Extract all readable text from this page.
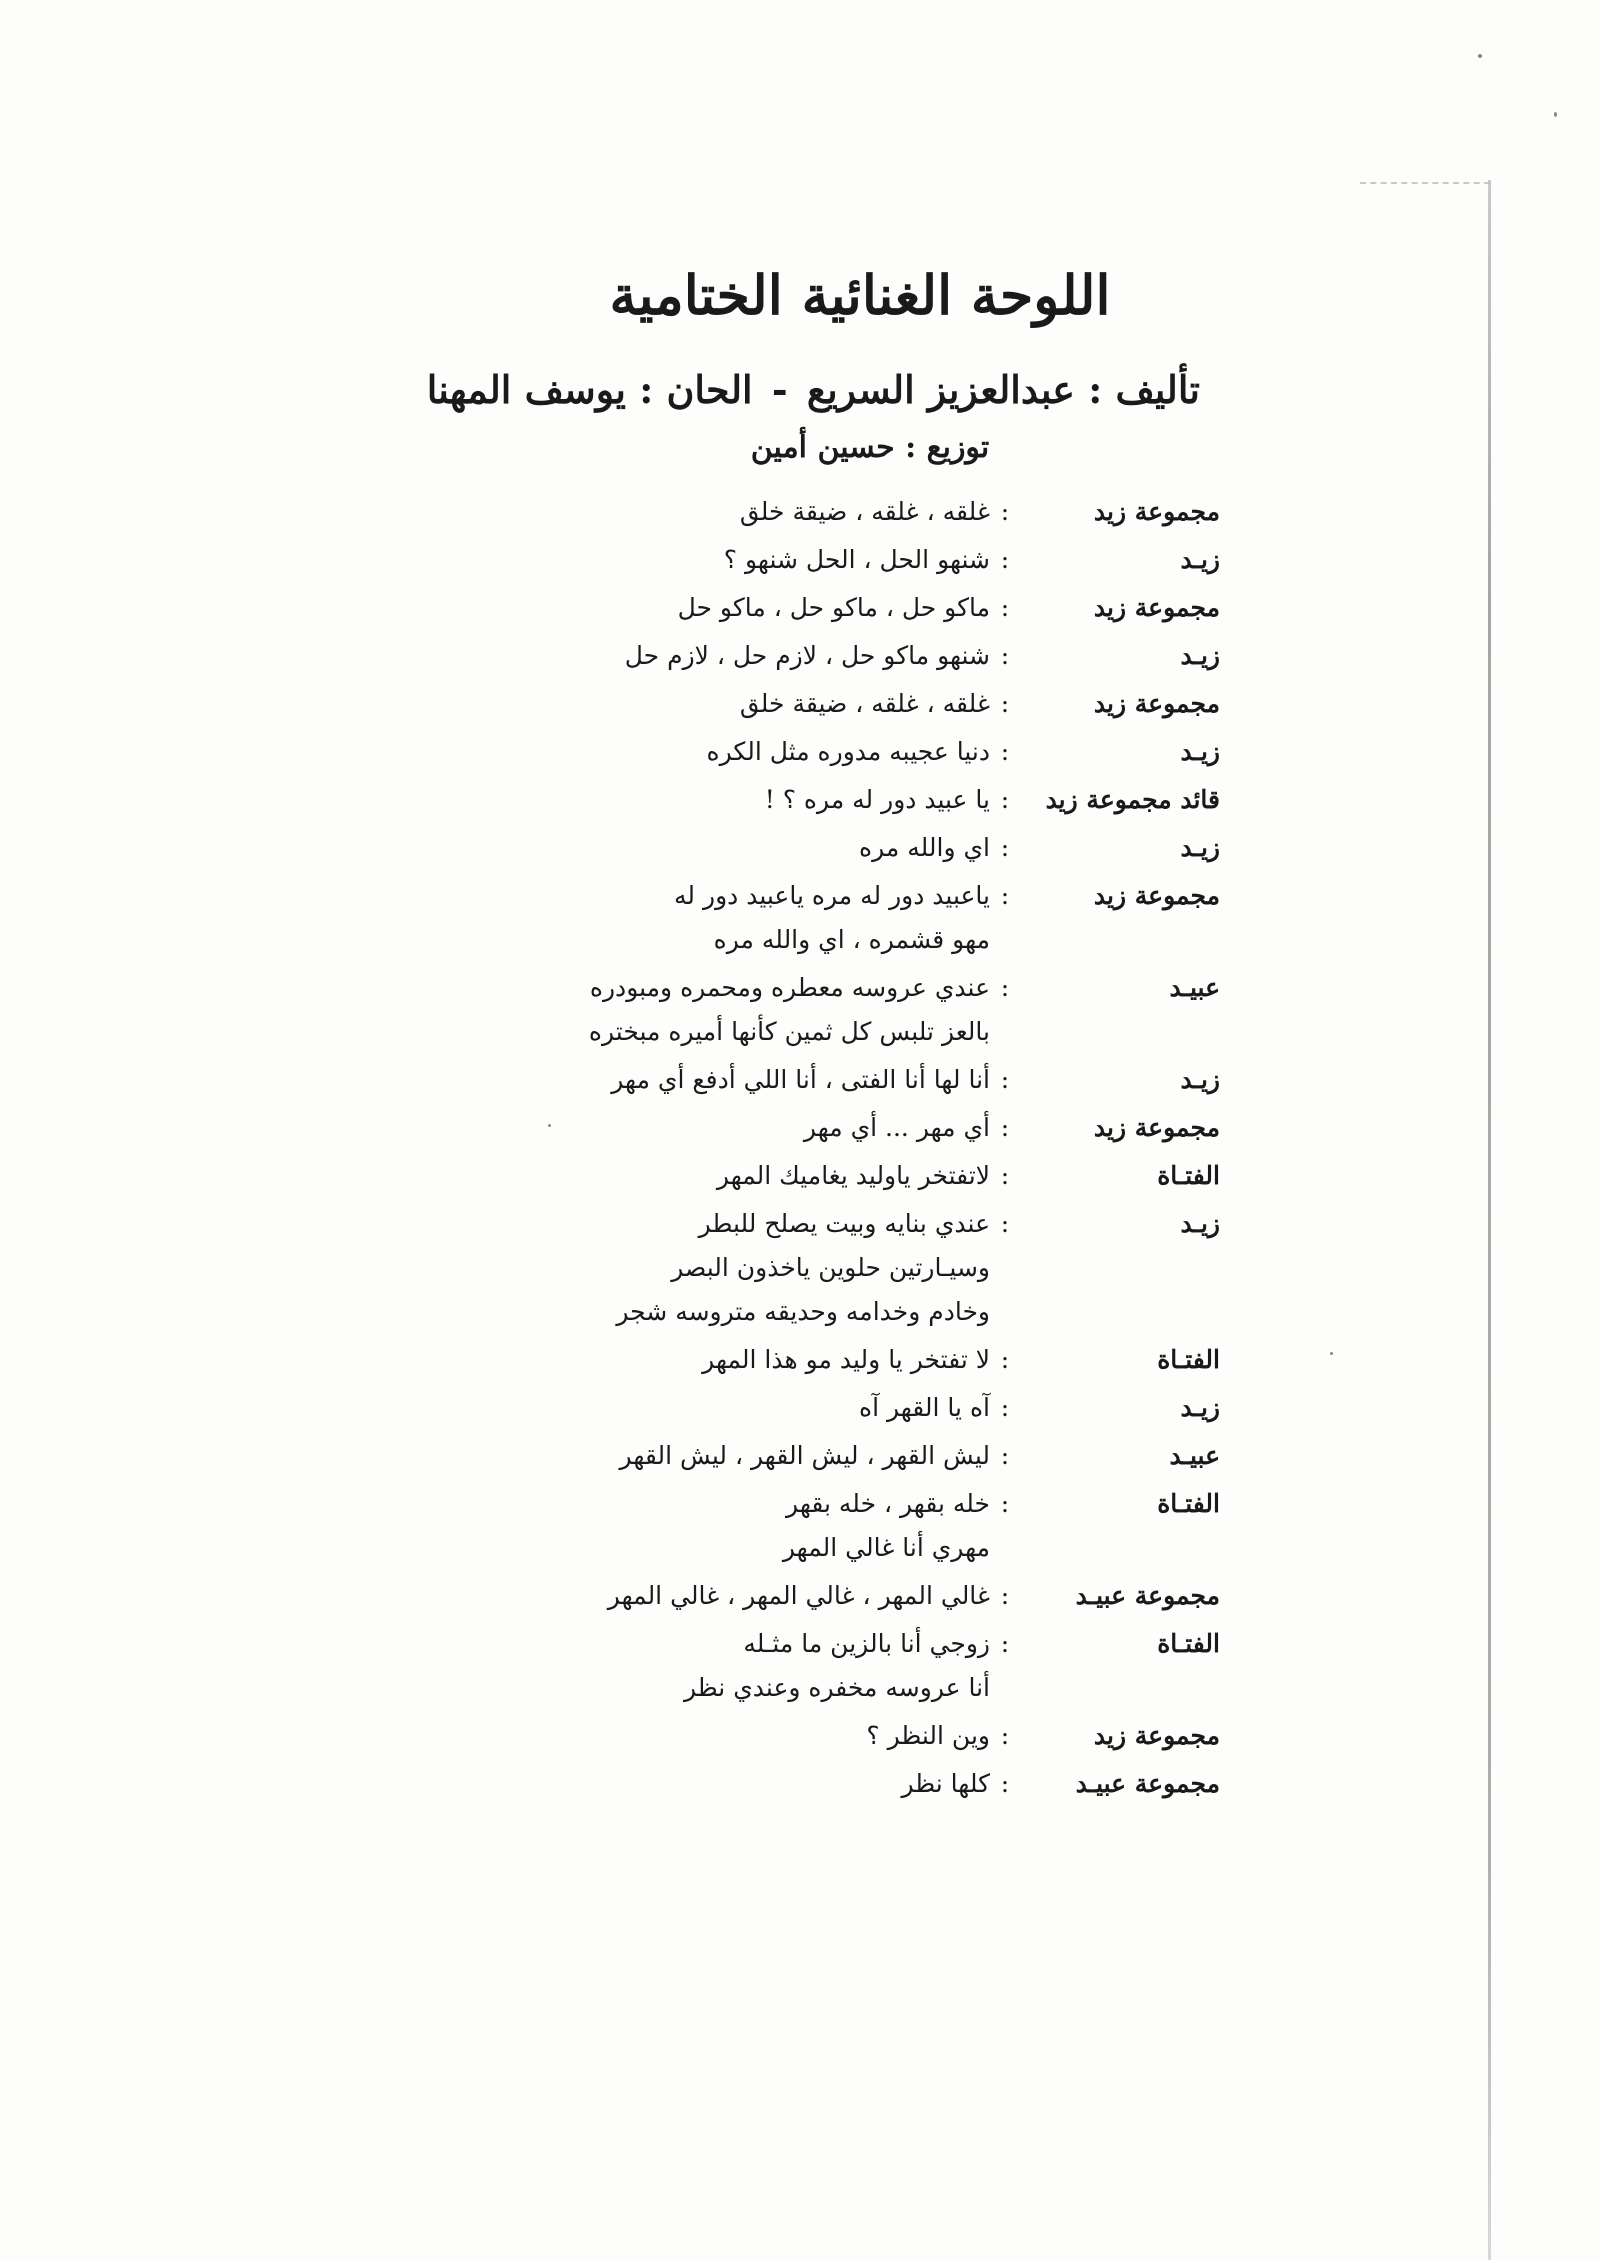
اللوحة الغنائية الختامية
تأليف : عبدالعزيز السريع - الحان : يوسف المهنا
توزيع : حسين أمين
مجموعة زيد
:
غلقه ، غلقه ، ضيقة خلق
زيـد
:
شنهو الحل ، الحل شنهو ؟
مجموعة زيد
:
ماكو حل ، ماكو حل ، ماكو حل
زيـد
:
شنهو ماكو حل ، لازم حل ، لازم حل
مجموعة زيد
:
غلقه ، غلقه ، ضيقة خلق
زيـد
:
دنيا عجيبه مدوره مثل الكره
قائد مجموعة زيد
:
يا عبيد دور له مره ؟ !
زيـد
:
اي والله مره
مجموعة زيد
:
ياعبيد دور له مره ياعبيد دور له
مهو قشمره ، اي والله مره
عبيـد
:
عندي عروسه معطره ومحمره ومبودره
بالعز تلبس كل ثمين كأنها أميره مبختره
زيـد
:
أنا لها أنا الفتى ، أنا اللي أدفع أي مهر
مجموعة زيد
:
أي مهر ... أي مهر
الفتـاة
:
لاتفتخر ياوليد يغاميك المهر
زيـد
:
عندي بنايه وبيت يصلح للبطر
وسيـارتين حلوين ياخذون البصر
وخادم وخدامه وحديقه متروسه شجر
الفتـاة
:
لا تفتخر يا وليد مو هذا المهر
زيـد
:
آه يا القهر آه
عبيـد
:
ليش القهر ، ليش القهر ، ليش القهر
الفتـاة
:
خله بقهر ، خله بقهر
مهري أنا غالي المهر
مجموعة عبيـد
:
غالي المهر ، غالي المهر ، غالي المهر
الفتـاة
:
زوجي أنا بالزين ما مثـله
أنا عروسه مخفره وعندي نظر
مجموعة زيد
:
وين النظر ؟
مجموعة عبيـد
:
كلها نظر
